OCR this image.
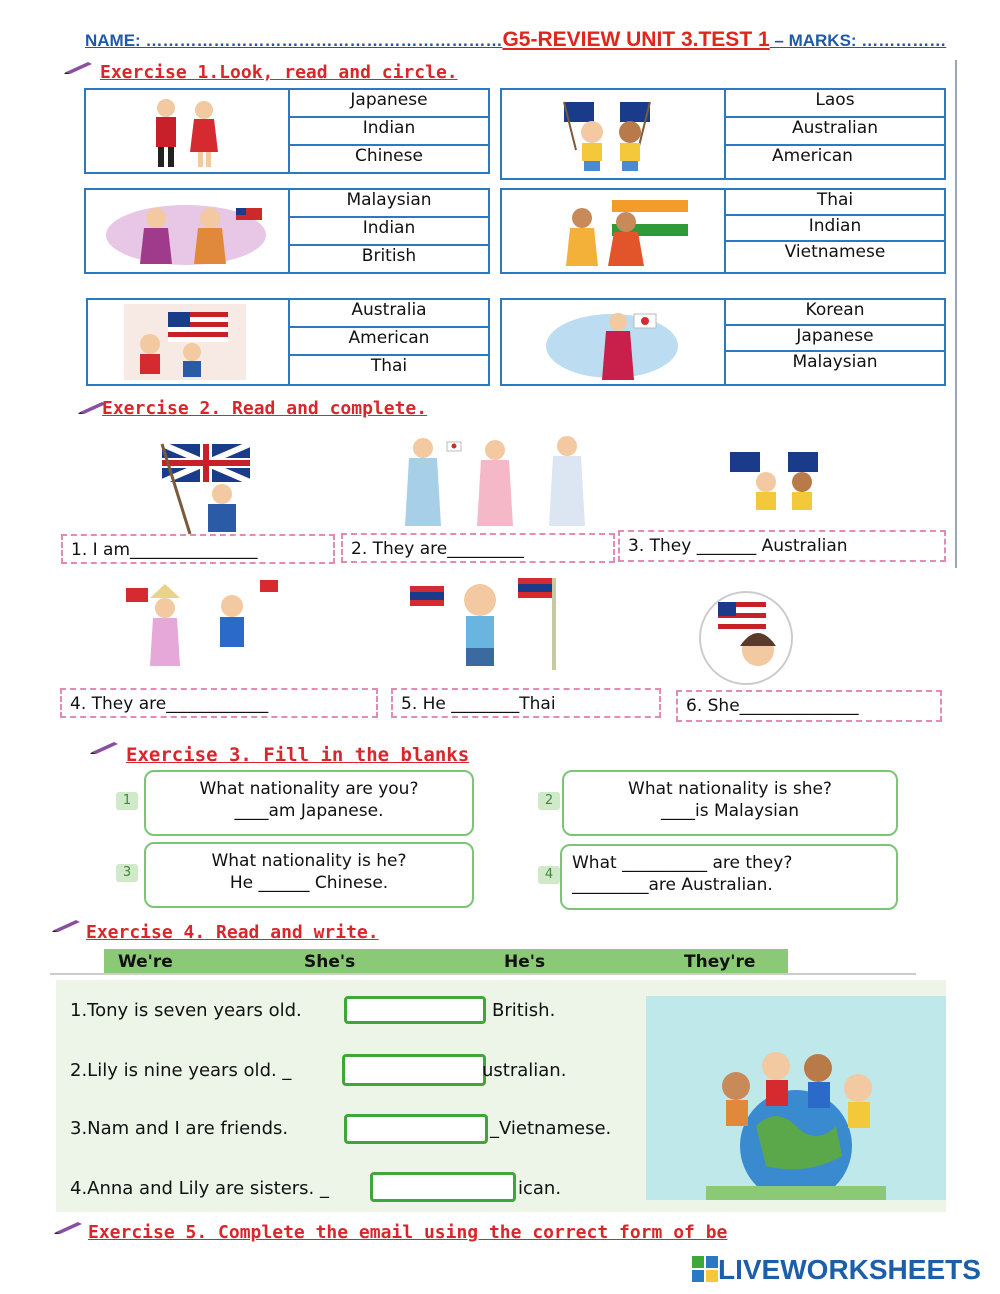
NAME: ………………………………………………………G5-REVIEW UNIT 3.TEST 1 – MARKS: ……………
Exercise 1.Look, read and circle.
Japanese
Indian
Chinese
Laos
Australian
American
Malaysian
Indian
British
Thai
Indian
Vietnamese
Australia
American
Thai
Korean
Japanese
Malaysian
Exercise 2. Read and complete.
1. I am_______________	2. They are_________	3. They _______ Australian
4. They are____________	5. He ________Thai	6. She______________
Exercise 3. Fill in the blanks
1
What nationality are you?
____am Japanese.
2
What nationality is she?
____is Malaysian
3
What nationality is he?
He ______ Chinese.	4
What __________ are they?
_________are Australian.
Exercise 4. Read and write.
We're	She's	He's	They're
1.Tony is seven years old.	British.
2.Lily is nine years old. _	ustralian.
3.Nam and I are friends.	_Vietnamese.
4.Anna and Lily are sisters. _	ican.
Exercise 5. Complete the email using the correct form of be
LIVEWORKSHEETS
